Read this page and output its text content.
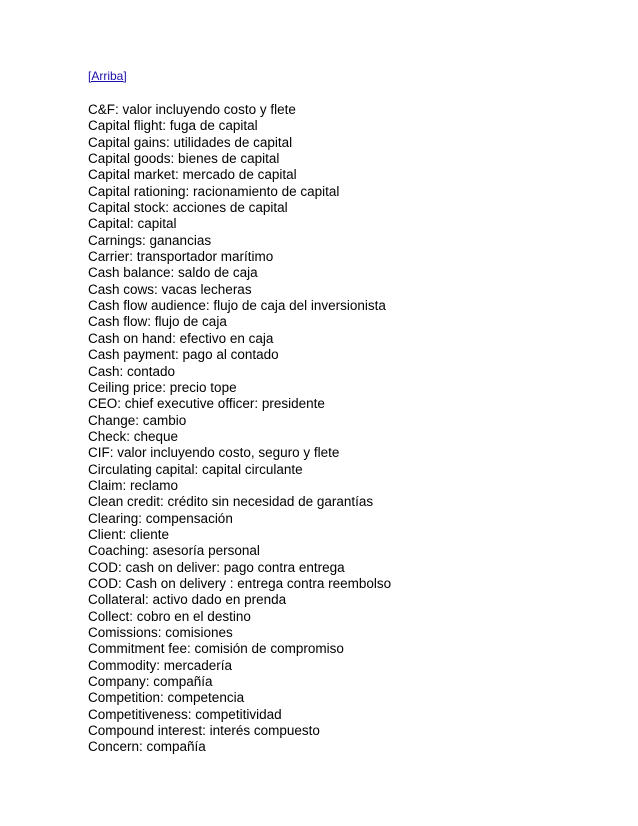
[Arriba]
C&F: valor incluyendo costo y flete
Capital flight: fuga de capital
Capital gains: utilidades de capital
Capital goods: bienes de capital
Capital market: mercado de capital
Capital rationing: racionamiento de capital
Capital stock: acciones de capital
Capital: capital
Carnings: ganancias
Carrier: transportador marítimo
Cash balance: saldo de caja
Cash cows: vacas lecheras
Cash flow audience: flujo de caja del inversionista
Cash flow: flujo de caja
Cash on hand: efectivo en caja
Cash payment: pago al contado
Cash: contado
Ceiling price: precio tope
CEO: chief executive officer: presidente
Change: cambio
Check: cheque
CIF: valor incluyendo costo, seguro y flete
Circulating capital: capital circulante
Claim: reclamo
Clean credit: crédito sin necesidad de garantías
Clearing: compensación
Client: cliente
Coaching: asesoría personal
COD: cash on deliver: pago contra entrega
COD: Cash on delivery : entrega contra reembolso
Collateral: activo dado en prenda
Collect: cobro en el destino
Comissions: comisiones
Commitment fee: comisión de compromiso
Commodity: mercadería
Company: compañía
Competition: competencia
Competitiveness: competitividad
Compound interest: interés compuesto
Concern: compañía
